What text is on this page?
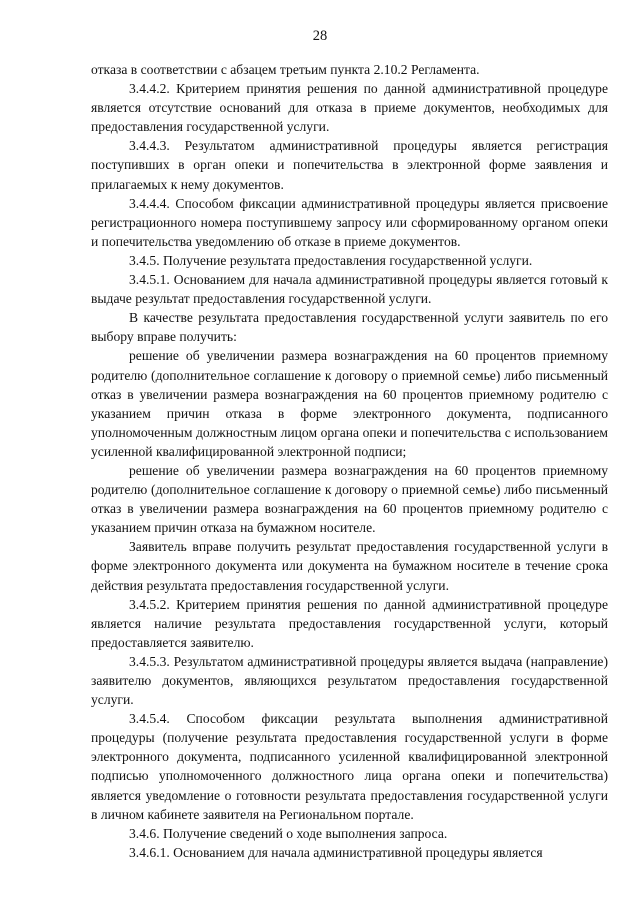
28

отказа в соответствии с абзацем третьим пункта 2.10.2 Регламента.

3.4.4.2. Критерием принятия решения по данной административной процедуре является отсутствие оснований для отказа в приеме документов, необходимых для предоставления государственной услуги.

3.4.4.3. Результатом административной процедуры является регистрация поступивших в орган опеки и попечительства в электронной форме заявления и прилагаемых к нему документов.

3.4.4.4. Способом фиксации административной процедуры является присвоение регистрационного номера поступившему запросу или сформированному органом опеки и попечительства уведомлению об отказе в приеме документов.

3.4.5. Получение результата предоставления государственной услуги.

3.4.5.1. Основанием для начала административной процедуры является готовый к выдаче результат предоставления государственной услуги.

В качестве результата предоставления государственной услуги заявитель по его выбору вправе получить:

решение об увеличении размера вознаграждения на 60 процентов приемному родителю (дополнительное соглашение к договору о приемной семье) либо письменный отказ в увеличении размера вознаграждения на 60 процентов приемному родителю с указанием причин отказа в форме электронного документа, подписанного уполномоченным должностным лицом органа опеки и попечительства с использованием усиленной квалифицированной электронной подписи;

решение об увеличении размера вознаграждения на 60 процентов приемному родителю (дополнительное соглашение к договору о приемной семье) либо письменный отказ в увеличении размера вознаграждения на 60 процентов приемному родителю с указанием причин отказа на бумажном носителе.

Заявитель вправе получить результат предоставления государственной услуги в форме электронного документа или документа на бумажном носителе в течение срока действия результата предоставления государственной услуги.

3.4.5.2. Критерием принятия решения по данной административной процедуре является наличие результата предоставления государственной услуги, который предоставляется заявителю.

3.4.5.3. Результатом административной процедуры является выдача (направление) заявителю документов, являющихся результатом предоставления государственной услуги.

3.4.5.4. Способом фиксации результата выполнения административной процедуры (получение результата предоставления государственной услуги в форме электронного документа, подписанного усиленной квалифицированной электронной подписью уполномоченного должностного лица органа опеки и попечительства) является уведомление о готовности результата предоставления государственной услуги в личном кабинете заявителя на Региональном портале.

3.4.6. Получение сведений о ходе выполнения запроса.

3.4.6.1. Основанием для начала административной процедуры является
